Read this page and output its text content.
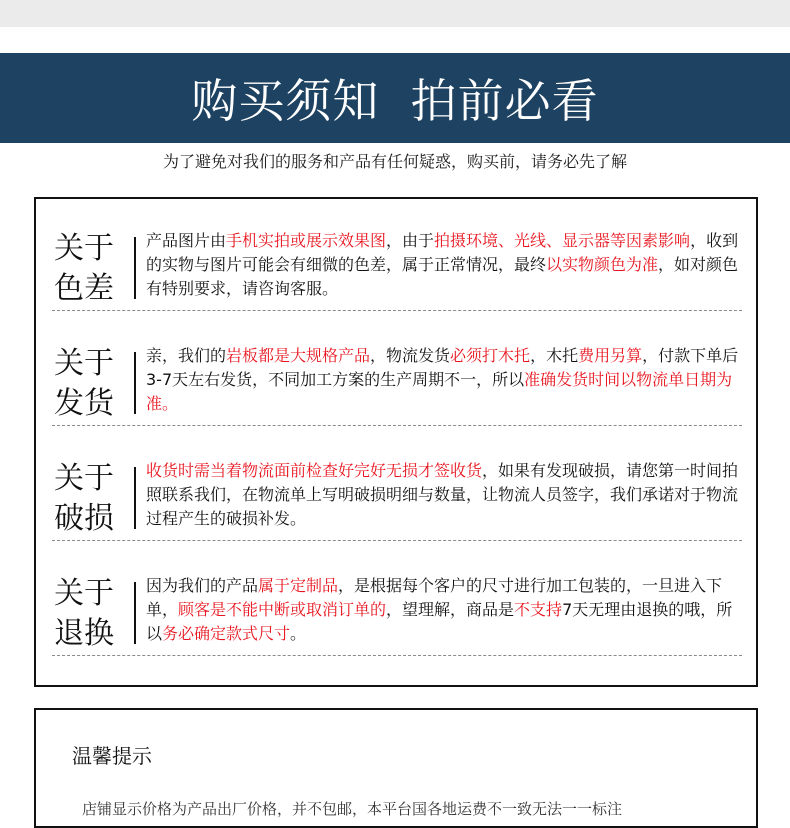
购买须知  拍前必看
为了避免对我们的服务和产品有任何疑惑，购买前，请务必先了解
关于色差
产品图片由手机实拍或展示效果图，由于拍摄环境、光线、显示器等因素影响，收到的实物与图片可能会有细微的色差，属于正常情况，最终以实物颜色为准，如对颜色有特别要求，请咨询客服。
关于发货
亲，我们的岩板都是大规格产品，物流发货必须打木托，木托费用另算，付款下单后3-7天左右发货，不同加工方案的生产周期不一，所以准确发货时间以物流单日期为准。
关于破损
收货时需当着物流面前检查好完好无损才签收货，如果有发现破损，请您第一时间拍照联系我们，在物流单上写明破损明细与数量，让物流人员签字，我们承诺对于物流过程产生的破损补发。
关于退换
因为我们的产品属于定制品，是根据每个客户的尺寸进行加工包装的，一旦进入下单，顾客是不能中断或取消订单的，望理解，商品是不支持7天无理由退换的哦，所以务必确定款式尺寸。
温馨提示
店铺显示价格为产品出厂价格，并不包邮，本平台国各地运费不一致无法一一标注
